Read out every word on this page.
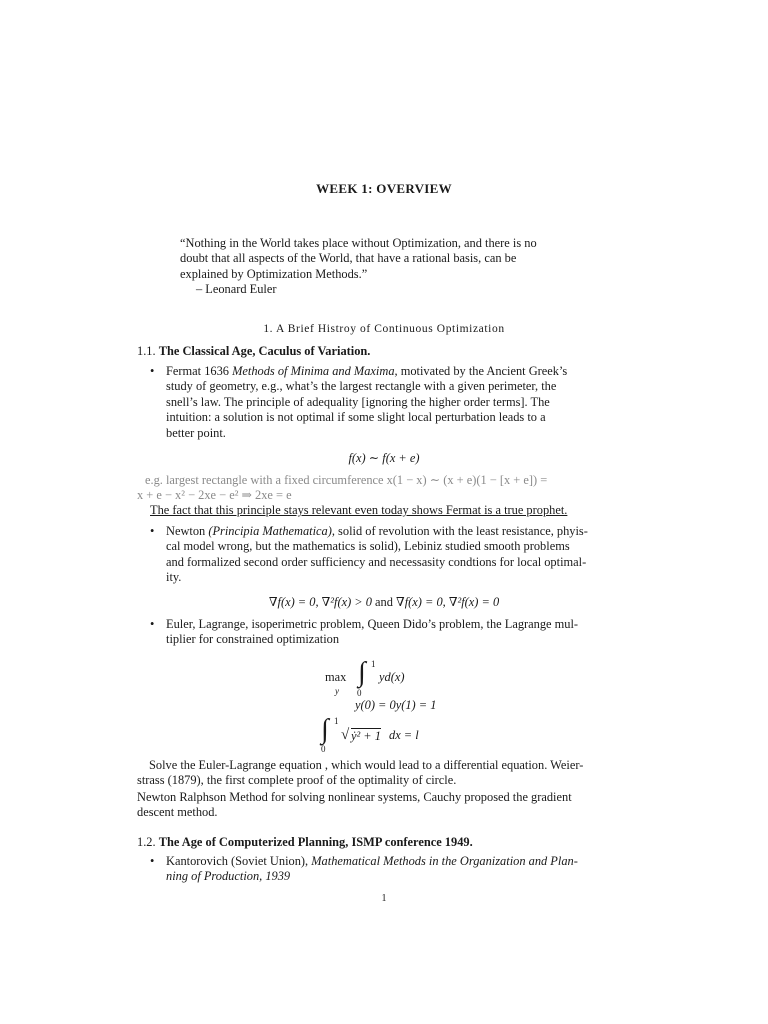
WEEK 1: OVERVIEW
“Nothing in the World takes place without Optimization, and there is no
doubt that all aspects of the World, that have a rational basis, can be
explained by Optimization Methods.”
– Leonard Euler
1. A Brief Histroy of Continuous Optimization
1.1. The Classical Age, Caculus of Variation.
• Fermat 1636 Methods of Minima and Maxima, motivated by the Ancient Greek’s
study of geometry, e.g., what’s the largest rectangle with a given perimeter, the
snell’s law. The principle of adequality [ignoring the higher order terms]. The
intuition: a solution is not optimal if some slight local perturbation leads to a
better point.
f(x) ∼ f(x + e)
e.g. largest rectangle with a fixed circumference x(1 − x) ∼ (x + e)(1 − [x + e]) =
x + e − x² − 2xe − e² ⇒ 2xe = e
The fact that this principle stays relevant even today shows Fermat is a true prophet.
• Newton (Principia Mathematica), solid of revolution with the least resistance, phyis-
cal model wrong, but the mathematics is solid), Lebiniz studied smooth problems
and formalized second order sufficiency and necessasity condtions for local optimal-
ity.
∇f(x) = 0, ∇²f(x) > 0 and ∇f(x) = 0, ∇²f(x) = 0
• Euler, Lagrange, isoperimetric problem, Queen Dido’s problem, the Lagrange mul-
tiplier for constrained optimization
max
y
∫ 1
0
yd(x)
y(0) = 0y(1) = 1
∫ 1
0
√ ẏ² + 1 dx = l
Solve the Euler-Lagrange equation , which would lead to a differential equation. Weier-
strass (1879), the first complete proof of the optimality of circle.
Newton Ralphson Method for solving nonlinear systems, Cauchy proposed the gradient
descent method.
1.2. The Age of Computerized Planning, ISMP conference 1949.
• Kantorovich (Soviet Union), Mathematical Methods in the Organization and Plan-
ning of Production, 1939
1
